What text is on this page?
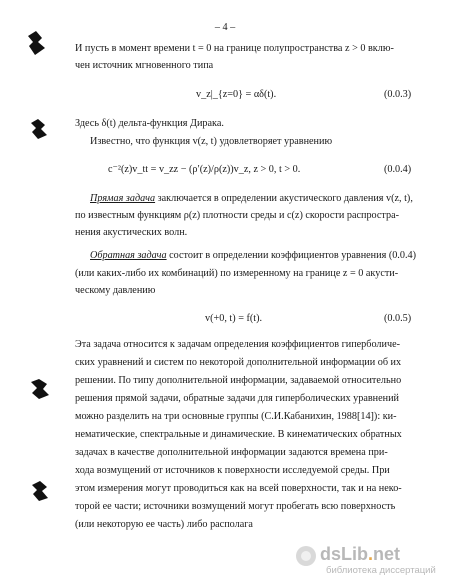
– 4 –
И пусть в момент времени t = 0 на границе полупространства z > 0 вклю-
чен источник мгновенного типа
v_z|_{z=0} = αδ(t).	(0.0.3)
Здесь δ(t) дельта-функция Дирака.
Известно, что функция v(z, t) удовлетворяет уравнению
c⁻²(z)v_tt = v_zz − (ρ′(z)/ρ(z))v_z, z > 0, t > 0.	(0.0.4)
Прямая задача заключается в определении акустического давления v(z, t),
по известным функциям ρ(z) плотности среды и c(z) скорости распростра-
нения акустических волн.
Обратная задача состоит в определении коэффициентов уравнения (0.0.4)
(или каких-либо их комбинаций) по измеренному на границе z = 0 акусти-
ческому давлению
v(+0, t) = f(t).	(0.0.5)
Эта задача относится к задачам определения коэффициентов гиперболиче-
ских уравнений и систем по некоторой дополнительной информации об их
решении. По типу дополнительной информации, задаваемой относительно
решения прямой задачи, обратные задачи для гиперболических уравнений
можно разделить на три основные группы (С.И.Кабанихин, 1988[14]): ки-
нематические, спектральные и динамические. В кинематических обратных
задачах в качестве дополнительной информации задаются времена при-
хода возмущений от источников к поверхности исследуемой среды. При
этом измерения могут проводиться как на всей поверхности, так и на неко-
торой ее части; источники возмущений могут пробегать всю поверхность
(или некоторую ее часть) либо располага
dsLib.net
библиотека диссертаций
